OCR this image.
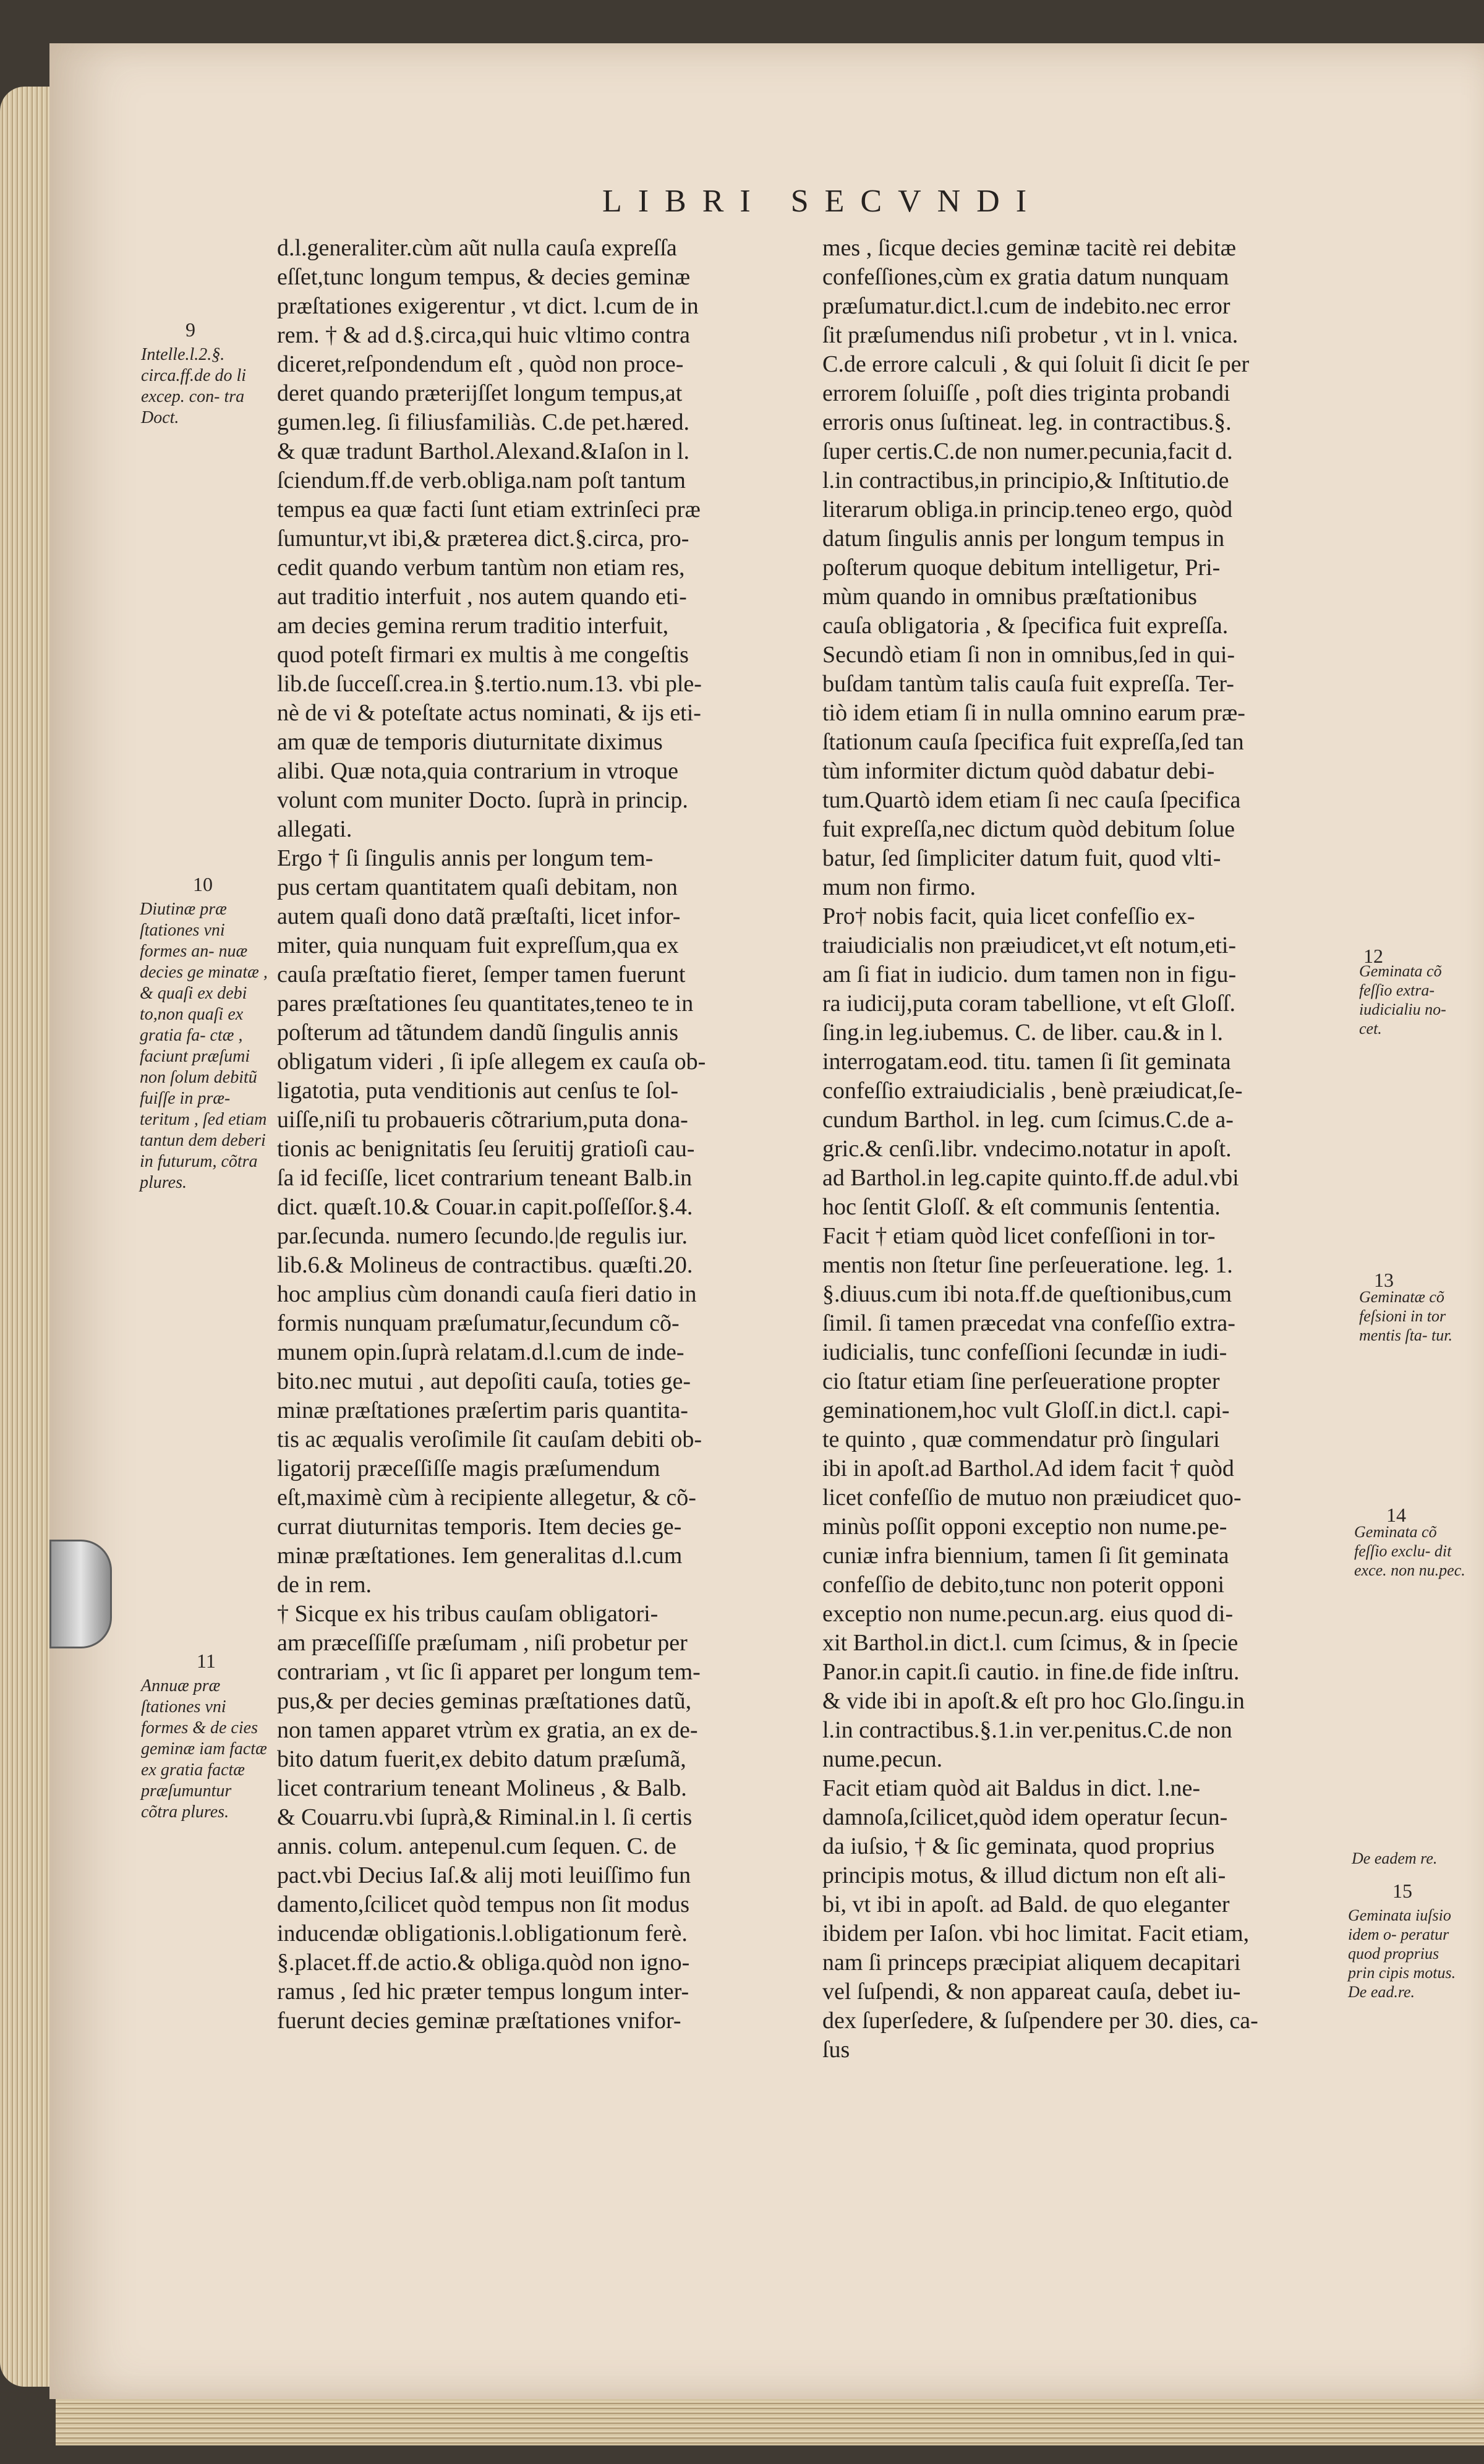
LIBRI SECVNDI
d.l.generaliter.cùm aũt nulla cauſa expreſſa
eſſet,tunc longum tempus, & decies geminæ
præſtationes exigerentur , vt dict. l.cum de in
rem. † & ad d.§.circa,qui huic vltimo contra
diceret,reſpondendum eſt , quòd non proce-
deret quando præterijſſet longum tempus,at
gumen.leg. ſi filiusfamiliàs. C.de pet.hæred.
& quæ tradunt Barthol.Alexand.&Iaſon in l.
ſciendum.ff.de verb.obliga.nam poſt tantum
tempus ea quæ facti ſunt etiam extrinſeci præ
ſumuntur,vt ibi,& præterea dict.§.circa, pro-
cedit quando verbum tantùm non etiam res,
aut traditio interfuit , nos autem quando eti-
am decies gemina rerum traditio interfuit,
quod poteſt firmari ex multis à me congeſtis
lib.de ſucceſſ.crea.in §.tertio.num.13. vbi ple-
nè de vi & poteſtate actus nominati, & ijs eti-
am quæ de temporis diuturnitate diximus
alibi. Quæ nota,quia contrarium in vtroque
volunt com muniter Docto. ſuprà in princip.
allegati.
Ergo † ſi ſingulis annis per longum tem-
pus certam quantitatem quaſi debitam, non
autem quaſi dono datã præſtaſti, licet infor-
miter, quia nunquam fuit expreſſum,qua ex
cauſa præſtatio fieret, ſemper tamen fuerunt
pares præſtationes ſeu quantitates,teneo te in
poſterum ad tãtundem dandũ ſingulis annis
obligatum videri , ſi ipſe allegem ex cauſa ob-
ligatotia, puta venditionis aut cenſus te ſol-
uiſſe,niſi tu probaueris cõtrarium,puta dona-
tionis ac benignitatis ſeu ſeruitij gratioſi cau-
ſa id feciſſe, licet contrarium teneant Balb.in
dict. quæſt.10.& Couar.in capit.poſſeſſor.§.4.
par.ſecunda. numero ſecundo.|de regulis iur.
lib.6.& Molineus de contractibus. quæſti.20.
hoc amplius cùm donandi cauſa fieri datio in
formis nunquam præſumatur,ſecundum cõ-
munem opin.ſuprà relatam.d.l.cum de inde-
bito.nec mutui , aut depoſiti cauſa, toties ge-
minæ præſtationes præſertim paris quantita-
tis ac æqualis veroſimile ſit cauſam debiti ob-
ligatorij præceſſiſſe magis præſumendum
eſt,maximè cùm à recipiente allegetur, & cõ-
currat diuturnitas temporis. Item decies ge-
minæ præſtationes. Iem generalitas d.l.cum
de in rem.
† Sicque ex his tribus cauſam obligatori-
am præceſſiſſe præſumam , niſi probetur per
contrariam , vt ſic ſi apparet per longum tem-
pus,& per decies geminas præſtationes datũ,
non tamen apparet vtrùm ex gratia, an ex de-
bito datum fuerit,ex debito datum præſumã,
licet contrarium teneant Molineus , & Balb.
& Couarru.vbi ſuprà,& Riminal.in l. ſi certis
annis. colum. antepenul.cum ſequen. C. de
pact.vbi Decius Iaſ.& alij moti leuiſſimo fun
damento,ſcilicet quòd tempus non ſit modus
inducendæ obligationis.l.obligationum ferè.
§.placet.ff.de actio.& obliga.quòd non igno-
ramus , ſed hic præter tempus longum inter-
fuerunt decies geminæ præſtationes vnifor-
mes , ſicque decies geminæ tacitè rei debitæ
confeſſiones,cùm ex gratia datum nunquam
præſumatur.dict.l.cum de indebito.nec error
ſit præſumendus niſi probetur , vt in l. vnica.
C.de errore calculi , & qui ſoluit ſi dicit ſe per
errorem ſoluiſſe , poſt dies triginta probandi
erroris onus ſuſtineat. leg. in contractibus.§.
ſuper certis.C.de non numer.pecunia,facit d.
l.in contractibus,in principio,& Inſtitutio.de
literarum obliga.in princip.teneo ergo, quòd
datum ſingulis annis per longum tempus in
poſterum quoque debitum intelligetur, Pri-
mùm quando in omnibus præſtationibus
cauſa obligatoria , & ſpecifica fuit expreſſa.
Secundò etiam ſi non in omnibus,ſed in qui-
buſdam tantùm talis cauſa fuit expreſſa. Ter-
tiò idem etiam ſi in nulla omnino earum præ-
ſtationum cauſa ſpecifica fuit expreſſa,ſed tan
tùm informiter dictum quòd dabatur debi-
tum.Quartò idem etiam ſi nec cauſa ſpecifica
fuit expreſſa,nec dictum quòd debitum ſolue
batur, ſed ſimpliciter datum fuit, quod vlti-
mum non firmo.
Pro† nobis facit, quia licet confeſſio ex-
traiudicialis non præiudicet,vt eſt notum,eti-
am ſi fiat in iudicio. dum tamen non in figu-
ra iudicij,puta coram tabellione, vt eſt Gloſſ.
ſing.in leg.iubemus. C. de liber. cau.& in l.
interrogatam.eod. titu. tamen ſi ſit geminata
confeſſio extraiudicialis , benè præiudicat,ſe-
cundum Barthol. in leg. cum ſcimus.C.de a-
gric.& cenſi.libr. vndecimo.notatur in apoſt.
ad Barthol.in leg.capite quinto.ff.de adul.vbi
hoc ſentit Gloſſ. & eſt communis ſententia.
Facit † etiam quòd licet confeſſioni in tor-
mentis non ſtetur ſine perſeueratione. leg. 1.
§.diuus.cum ibi nota.ff.de queſtionibus,cum
ſimil. ſi tamen præcedat vna confeſſio extra-
iudicialis, tunc confeſſioni ſecundæ in iudi-
cio ſtatur etiam ſine perſeueratione propter
geminationem,hoc vult Gloſſ.in dict.l. capi-
te quinto , quæ commendatur prò ſingulari
ibi in apoſt.ad Barthol.Ad idem facit † quòd
licet confeſſio de mutuo non præiudicet quo-
minùs poſſit opponi exceptio non nume.pe-
cuniæ infra biennium, tamen ſi ſit geminata
confeſſio de debito,tunc non poterit opponi
exceptio non nume.pecun.arg. eius quod di-
xit Barthol.in dict.l. cum ſcimus, & in ſpecie
Panor.in capit.ſi cautio. in fine.de fide inſtru.
& vide ibi in apoſt.& eſt pro hoc Glo.ſingu.in
l.in contractibus.§.1.in ver.penitus.C.de non
nume.pecun.
Facit etiam quòd ait Baldus in dict. l.ne-
damnoſa,ſcilicet,quòd idem operatur ſecun-
da iuſsio, † & ſic geminata, quod proprius
principis motus, & illud dictum non eſt ali-
bi, vt ibi in apoſt. ad Bald. de quo eleganter
ibidem per Iaſon. vbi hoc limitat. Facit etiam,
nam ſi princeps præcipiat aliquem decapitari
vel ſuſpendi, & non appareat cauſa, debet iu-
dex ſuperſedere, & ſuſpendere per 30. dies, ca-
ſus
9
Intelle.l.2.§. circa.ff.de do li excep. con- tra Doct.
10
Diutinæ præ ſtationes vni formes an- nuæ decies ge minatæ , & quaſi ex debi to,non quaſi ex gratia fa- ctæ , faciunt præſumi non ſolum debitũ fuiſſe in præ- teritum , ſed etiam tantun dem deberi in futurum, cõtra plures.
11
Annuæ præ ſtationes vni formes & de cies geminæ iam factæ ex gratia factæ præſumuntur cõtra plures.
12
Geminata cõ feſſio extra- iudicialiu no- cet.
13
Geminatæ cõ feſsioni in tor mentis ſta- tur.
14
Geminata cõ feſſio exclu- dit exce. non nu.pec.
De eadem re.
15
Geminata iuſsio idem o- peratur quod proprius prin cipis motus. De ead.re.
